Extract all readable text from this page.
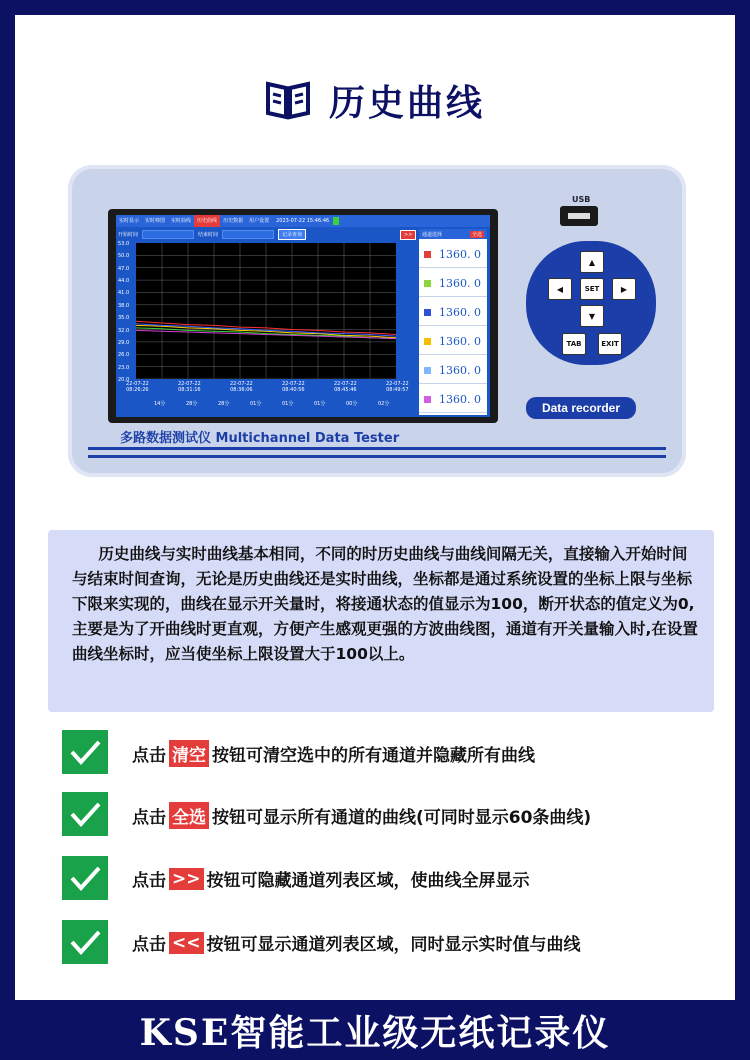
历史曲线
实时显示	实时棒图	实时曲线	历史曲线	历史数据	用户设置	2023-07-22 15:46:46
开始时间	结束时间	记录查询	>>
53.0
50.0
47.0
44.0
41.0
38.0
35.0
32.0
29.0
26.0
23.0
20.0
22-07-22
08:26:26
22-07-22
08:31:16
22-07-22
08:36:06
22-07-22
08:40:56
22-07-22
08:45:46
22-07-22
08:49:57
14分	28分	28分	01分	01分	01分	00分	02分
通道选择	全选
1360. 0
1360. 0
1360. 0
1360. 0
1360. 0
1360. 0
USB
▲
◀	SET	▶
▼
TAB	EXIT
Data recorder
多路数据测试仪 Multichannel Data Tester
历史曲线与实时曲线基本相同，不同的时历史曲线与曲线间隔无关，直接输入开始时间与结束时间查询，无论是历史曲线还是实时曲线，坐标都是通过系统设置的坐标上限与坐标下限来实现的，曲线在显示开关量时，将接通状态的值显示为100，断开状态的值定义为0,主要是为了开曲线时更直观，方便产生感观更强的方波曲线图，通道有开关量输入时,在设置曲线坐标时，应当使坐标上限设置大于100以上。
点击 清空 按钮可清空选中的所有通道并隐藏所有曲线
点击 全选 按钮可显示所有通道的曲线(可同时显示60条曲线)
点击 >> 按钮可隐藏通道列表区域，使曲线全屏显示
点击 << 按钮可显示通道列表区域，同时显示实时值与曲线
KSE智能工业级无纸记录仪
